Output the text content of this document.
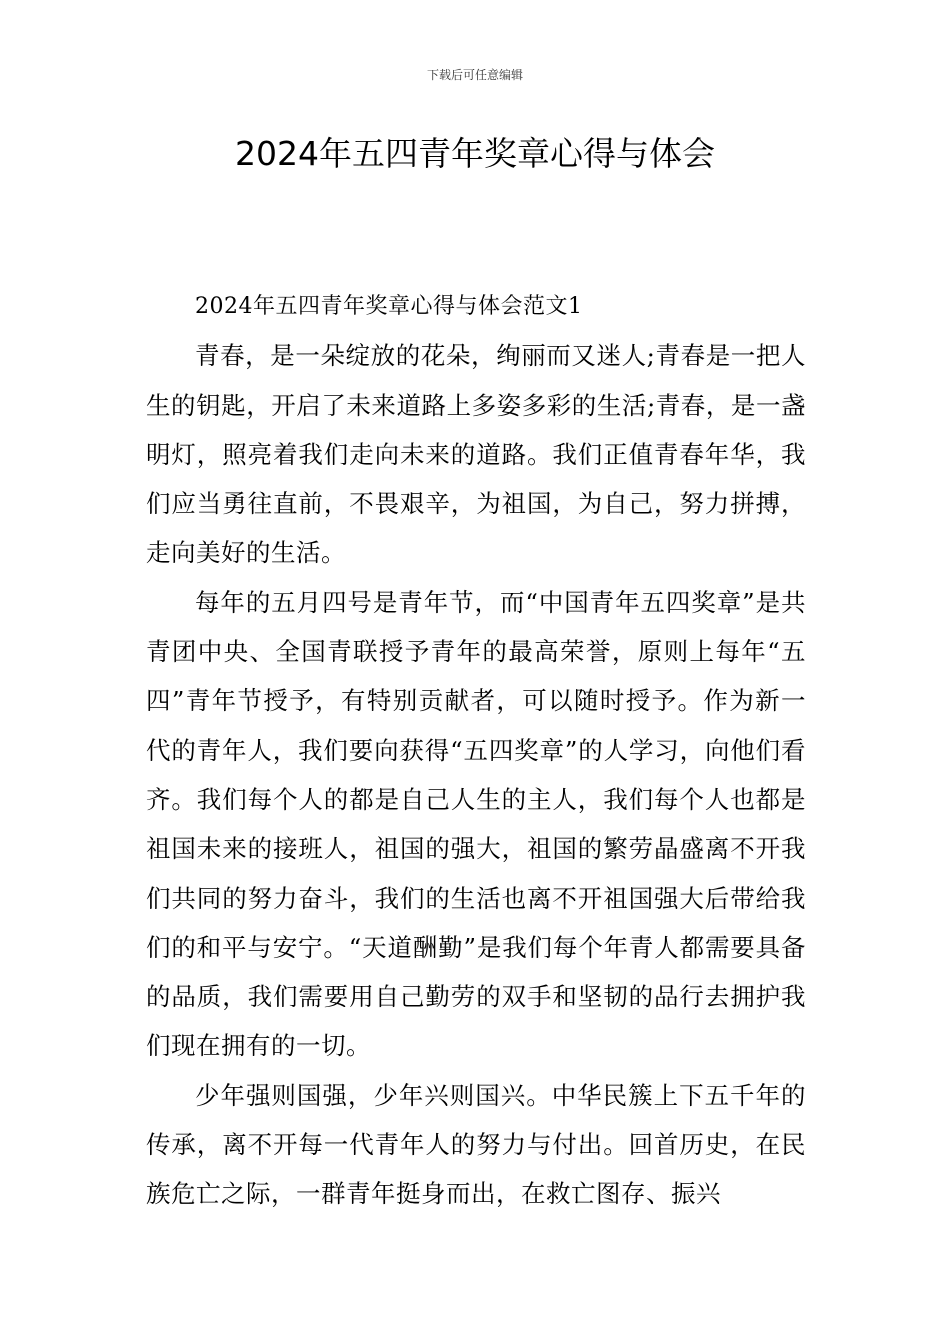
下载后可任意编辑
2024年五四青年奖章心得与体会

2024年五四青年奖章心得与体会范文1

青春，是一朵绽放的花朵，绚丽而又迷人;青春是一把人生的钥匙，开启了未来道路上多姿多彩的生活;青春，是一盏明灯，照亮着我们走向未来的道路。我们正值青春年华，我们应当勇往直前，不畏艰辛，为祖国，为自己，努力拼搏，走向美好的生活。

每年的五月四号是青年节，而“中国青年五四奖章”是共青团中央、全国青联授予青年的最高荣誉，原则上每年“五四”青年节授予，有特别贡献者，可以随时授予。作为新一代的青年人，我们要向获得“五四奖章”的人学习，向他们看齐。我们每个人的都是自己人生的主人，我们每个人也都是祖国未来的接班人，祖国的强大，祖国的繁劳晶盛离不开我们共同的努力奋斗，我们的生活也离不开祖国强大后带给我们的和平与安宁。“天道酬勤”是我们每个年青人都需要具备的品质，我们需要用自己勤劳的双手和坚韧的品行去拥护我们现在拥有的一切。

少年强则国强，少年兴则国兴。中华民簇上下五千年的传承，离不开每一代青年人的努力与付出。回首历史，在民族危亡之际，一群青年挺身而出，在救亡图存、振兴
